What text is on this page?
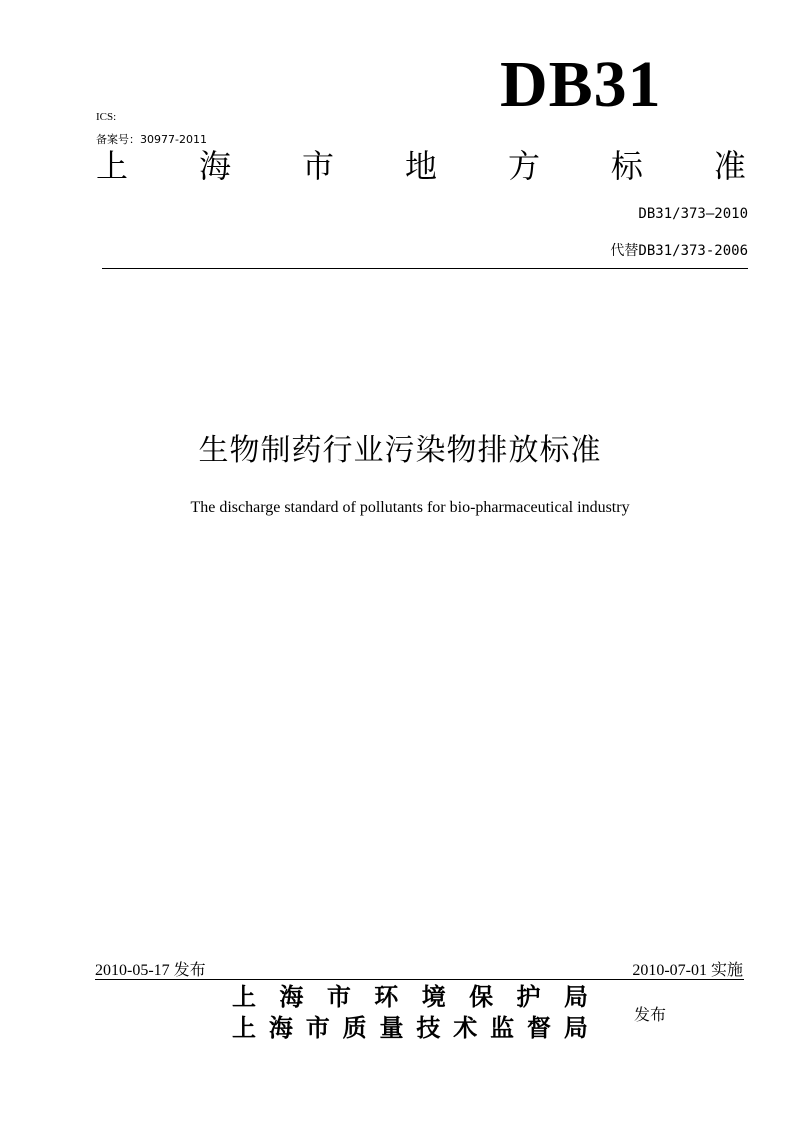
DB31
ICS:
备案号：30977-2011
上 海 市 地 方 标 准
DB31/373—2010
代替DB31/373-2006
生物制药行业污染物排放标准
The discharge standard of pollutants for bio-pharmaceutical industry
2010-05-17 发布	2010-07-01 实施
上 海 市 环 境 保 护 局
上 海 市 质 量 技 术 监 督 局	发布
